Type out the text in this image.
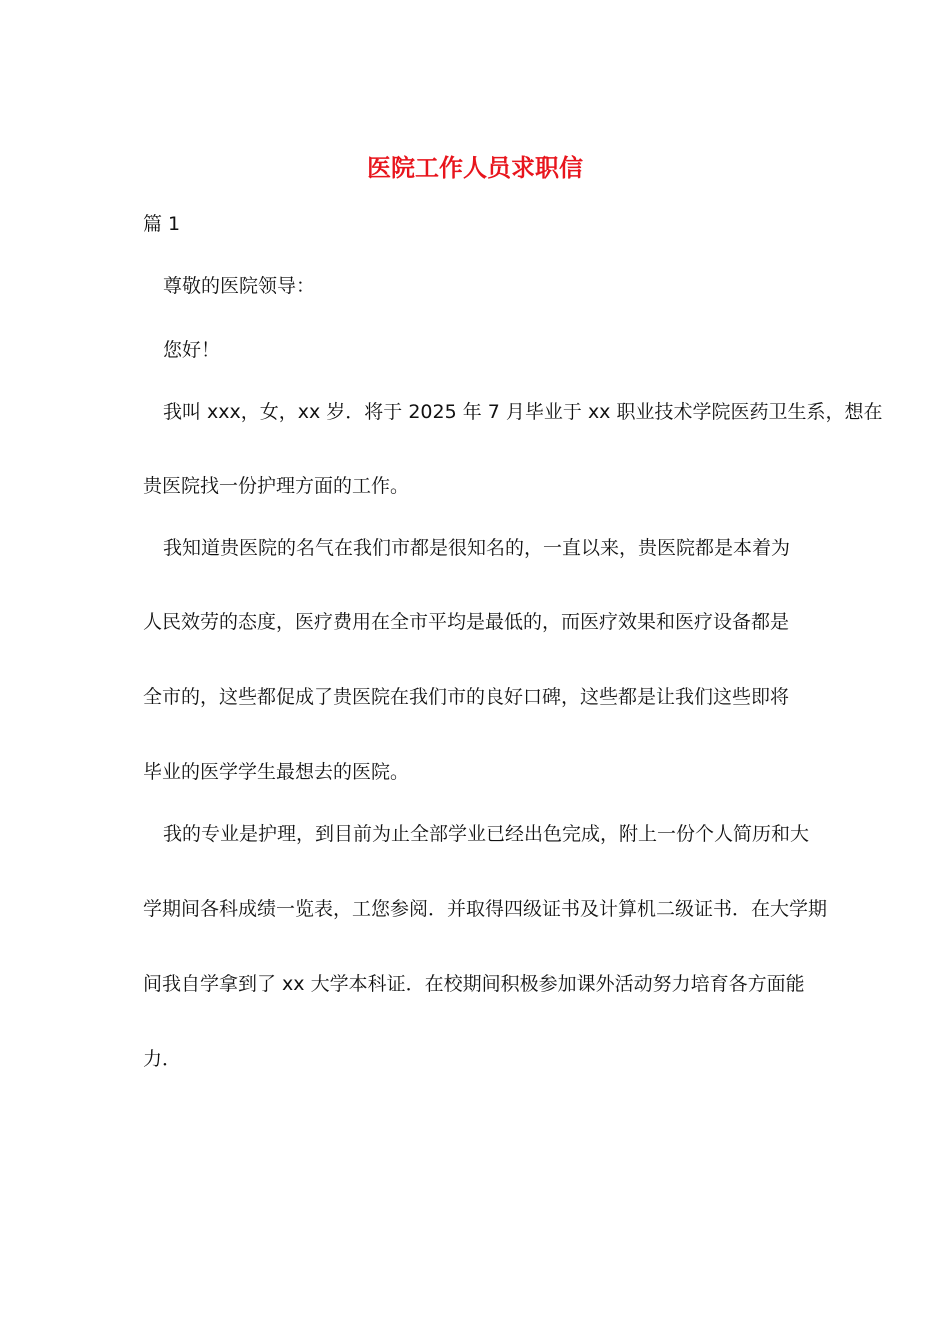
医院工作人员求职信

篇 1

尊敬的医院领导：

您好！

我叫 xxx，女，xx 岁．将于 2025 年 7 月毕业于 xx 职业技术学院医药卫生系，想在

贵医院找一份护理方面的工作。

我知道贵医院的名气在我们市都是很知名的，一直以来，贵医院都是本着为

人民效劳的态度，医疗费用在全市平均是最低的，而医疗效果和医疗设备都是

全市的，这些都促成了贵医院在我们市的良好口碑，这些都是让我们这些即将

毕业的医学学生最想去的医院。

我的专业是护理，到目前为止全部学业已经出色完成，附上一份个人简历和大

学期间各科成绩一览表，工您参阅．并取得四级证书及计算机二级证书．在大学期

间我自学拿到了 xx 大学本科证．在校期间积极参加课外活动努力培育各方面能

力．
